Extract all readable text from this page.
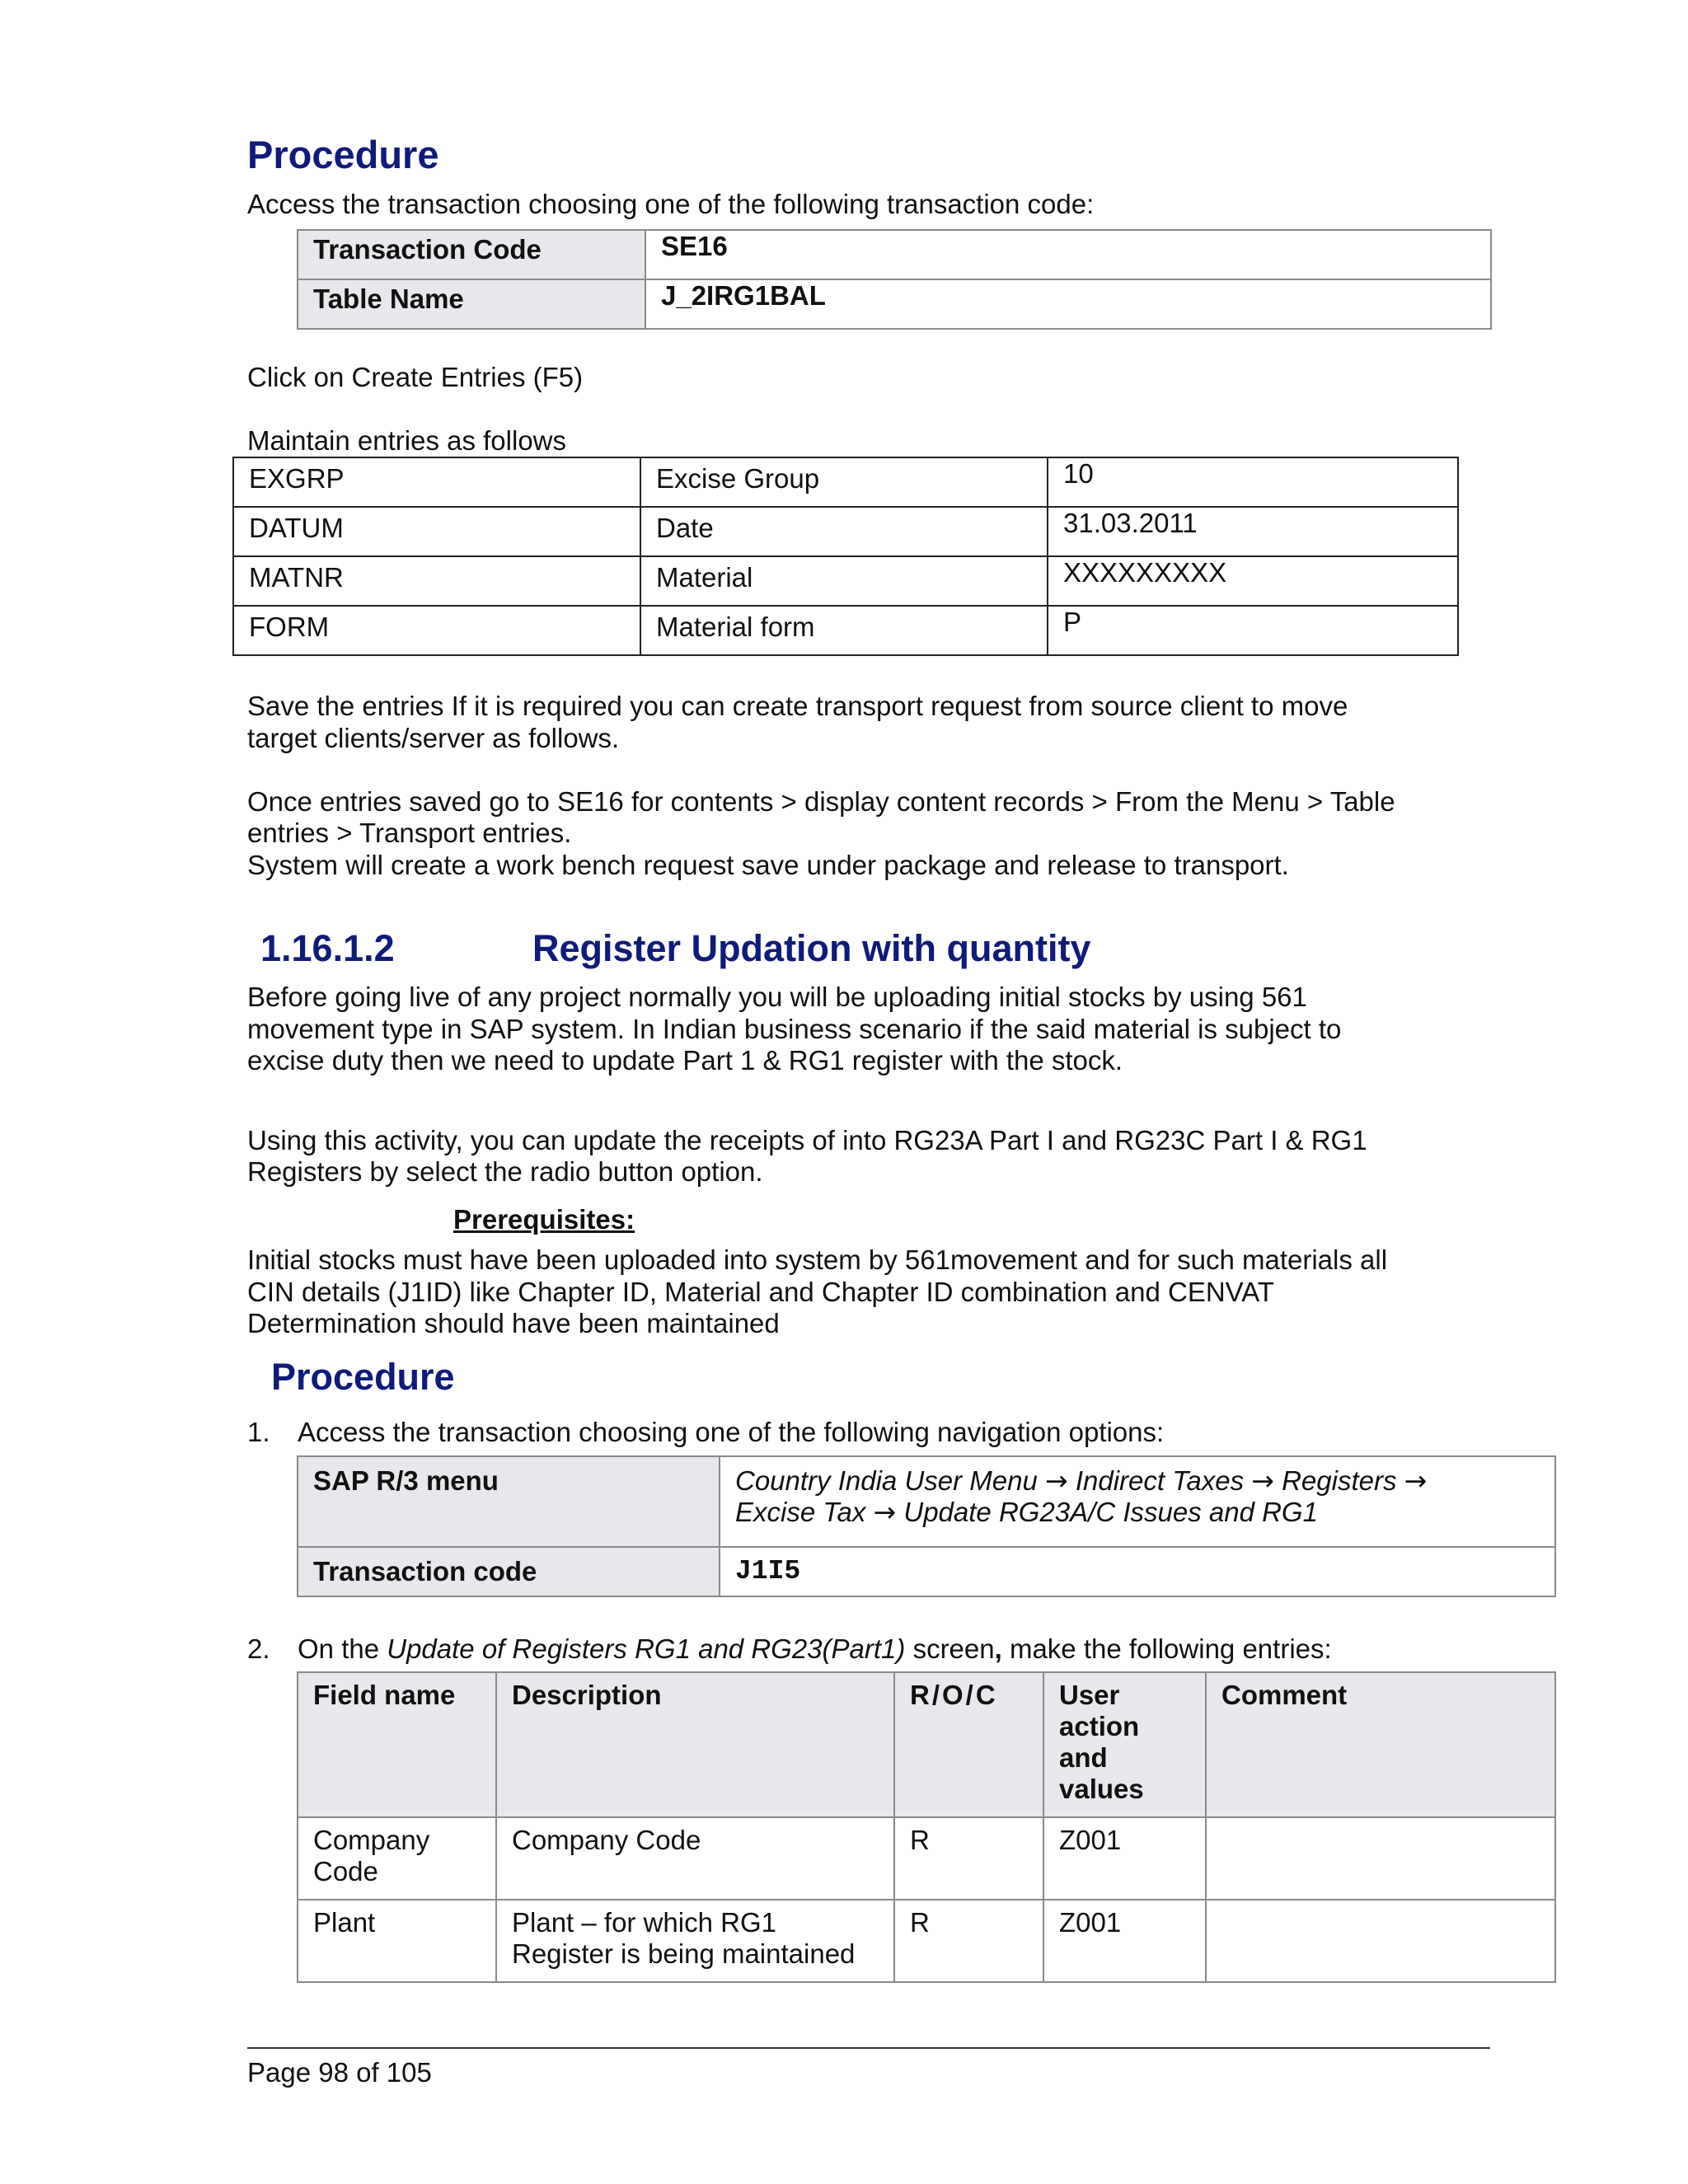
Procedure
Access the transaction choosing one of the following transaction code:
Transaction Code	SE16
Table Name	J_2IRG1BAL
Click on Create Entries (F5)
Maintain entries as follows
EXGRP	Excise Group	10
DATUM	Date	31.03.2011
MATNR	Material	XXXXXXXXX
FORM	Material form	P
Save the entries If it is required you can create transport request from source client to move
target clients/server as follows.
Once entries saved go to SE16 for contents > display content records > From the Menu > Table
entries > Transport entries.
System will create a work bench request save under package and release to transport.
1.16.1.2	Register Updation with quantity
Before going live of any project normally you will be uploading initial stocks by using 561
movement type in SAP system. In Indian business scenario if the said material is subject to
excise duty then we need to update Part 1 & RG1 register with the stock.
Using this activity, you can update the receipts of into RG23A Part I and RG23C Part I & RG1
Registers by select the radio button option.
Prerequisites:
Initial stocks must have been uploaded into system by 561movement and for such materials all
CIN details (J1ID) like Chapter ID, Material and Chapter ID combination and CENVAT
Determination should have been maintained
Procedure
1. Access the transaction choosing one of the following navigation options:
SAP R/3 menu	Country India User Menu → Indirect Taxes → Registers →
Excise Tax → Update RG23A/C Issues and RG1
Transaction code	J1I5
2. On the Update of Registers RG1 and RG23(Part1) screen, make the following entries:
Field name	Description	R/O/C	User action and values	Comment
Company Code	Company Code	R	Z001	
Plant	Plant – for which RG1 Register is being maintained	R	Z001	
Page 98 of 105
